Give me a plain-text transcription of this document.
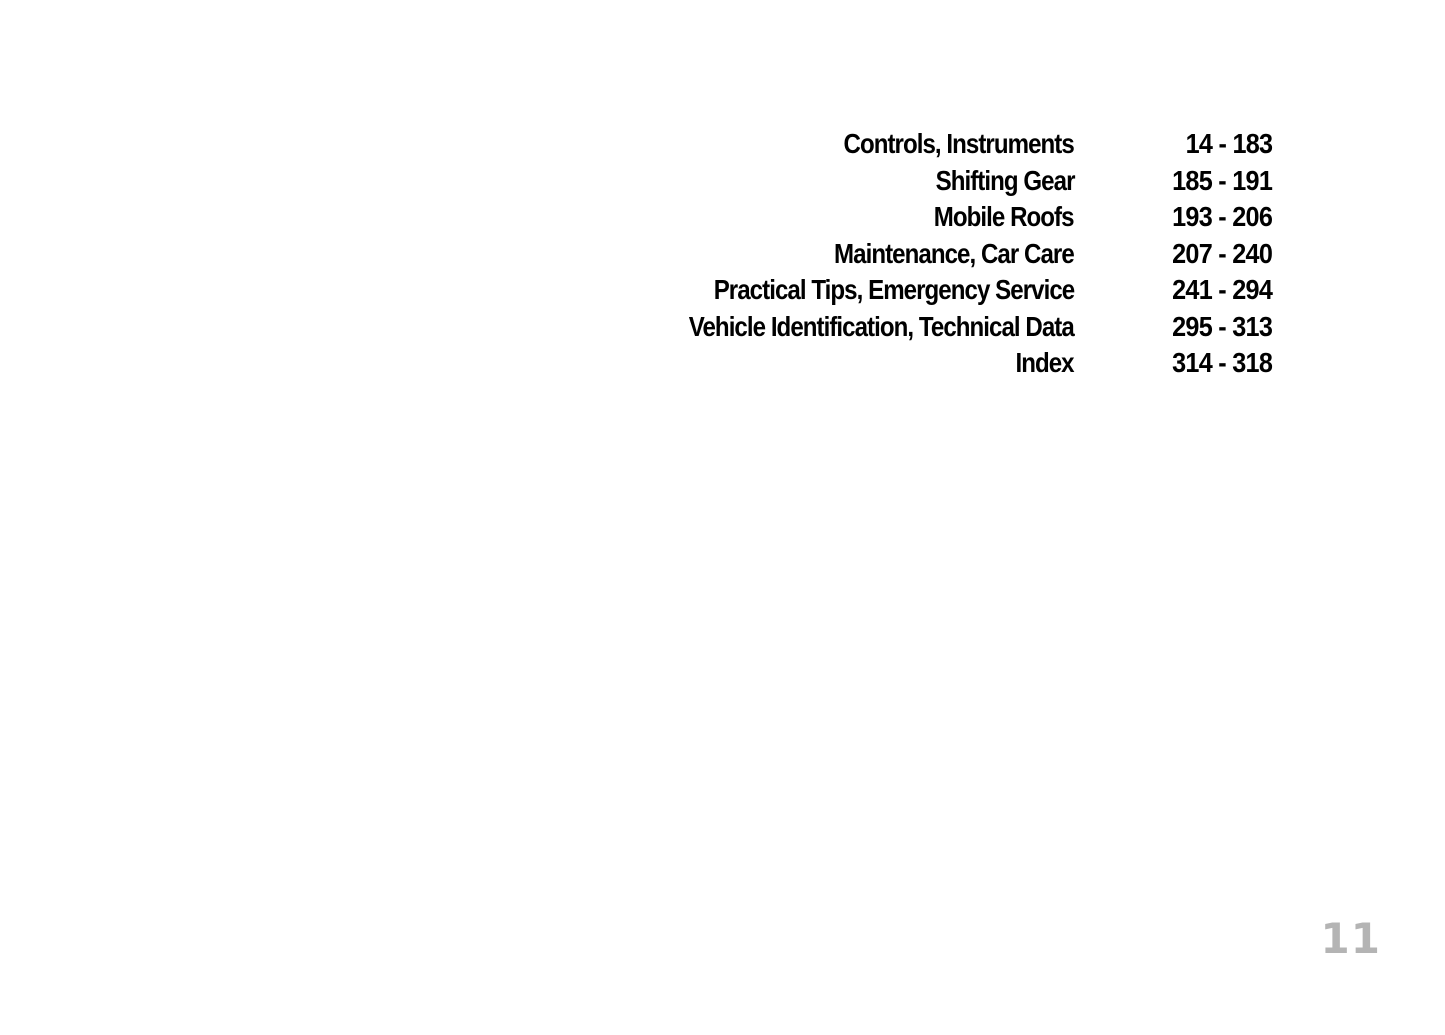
Controls, Instruments	14 - 183
Shifting Gear	185 - 191
Mobile Roofs	193 - 206
Maintenance, Car Care	207 - 240
Practical Tips, Emergency Service	241 - 294
Vehicle Identification, Technical Data	295 - 313
Index	314 - 318
11
